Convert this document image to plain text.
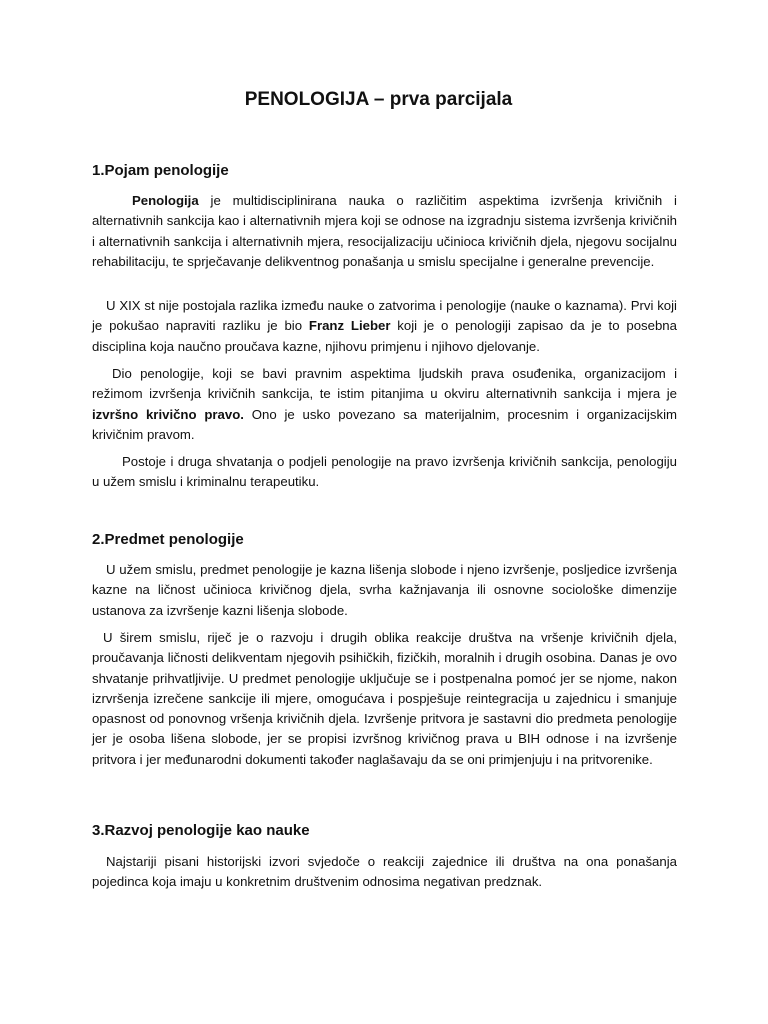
PENOLOGIJA – prva parcijala
1.Pojam penologije

Penologija je multidisciplinirana nauka o različitim aspektima izvršenja krivičnih i alternativnih sankcija kao i alternativnih mjera koji se odnose na izgradnju sistema izvršenja krivičnih i alternativnih sankcija i alternativnih mjera, resocijalizaciju učinioca krivičnih djela, njegovu socijalnu rehabilitaciju, te sprječavanje delikventnog ponašanja u smislu specijalne i generalne prevencije.

U XIX st nije postojala razlika između nauke o zatvorima i penologije (nauke o kaznama). Prvi koji je pokušao napraviti razliku je bio Franz Lieber koji je o penologiji zapisao da je to posebna disciplina koja naučno proučava kazne, njihovu primjenu i njihovo djelovanje.

Dio penologije, koji se bavi pravnim aspektima ljudskih prava osuđenika, organizacijom i režimom izvršenja krivičnih sankcija, te istim pitanjima u okviru alternativnih sankcija i mjera je izvršno krivično pravo. Ono je usko povezano sa materijalnim, procesnim i organizacijskim krivičnim pravom.

Postoje i druga shvatanja o podjeli penologije na pravo izvršenja krivičnih sankcija, penologiju u užem smislu i kriminalnu terapeutiku.

2.Predmet penologije

U užem smislu, predmet penologije je kazna lišenja slobode i njeno izvršenje, posljedice izvršenja kazne na ličnost učinioca krivičnog djela, svrha kažnjavanja ili osnovne sociološke dimenzije ustanova za izvršenje kazni lišenja slobode.

U širem smislu, riječ je o razvoju i drugih oblika reakcije društva na vršenje krivičnih djela, proučavanja ličnosti delikventam njegovih psihičkih, fizičkih, moralnih i drugih osobina. Danas je ovo shvatanje prihvatljivije. U predmet penologije uključuje se i postpenalna pomoć jer se njome, nakon izrvršenja izrečene sankcije ili mjere, omogućava i pospješuje reintegracija u zajednicu i smanjuje opasnost od ponovnog vršenja krivičnih djela. Izvršenje pritvora je sastavni dio predmeta penologije jer je osoba lišena slobode, jer se propisi izvršnog krivičnog prava u BIH odnose i na izvršenje pritvora i jer međunarodni dokumenti također naglašavaju da se oni primjenjuju i na pritvorenike.

3.Razvoj penologije kao nauke

Najstariji pisani historijski izvori svjedoče o reakciji zajednice ili društva na ona ponašanja pojedinca koja imaju u konkretnim društvenim odnosima negativan predznak.
